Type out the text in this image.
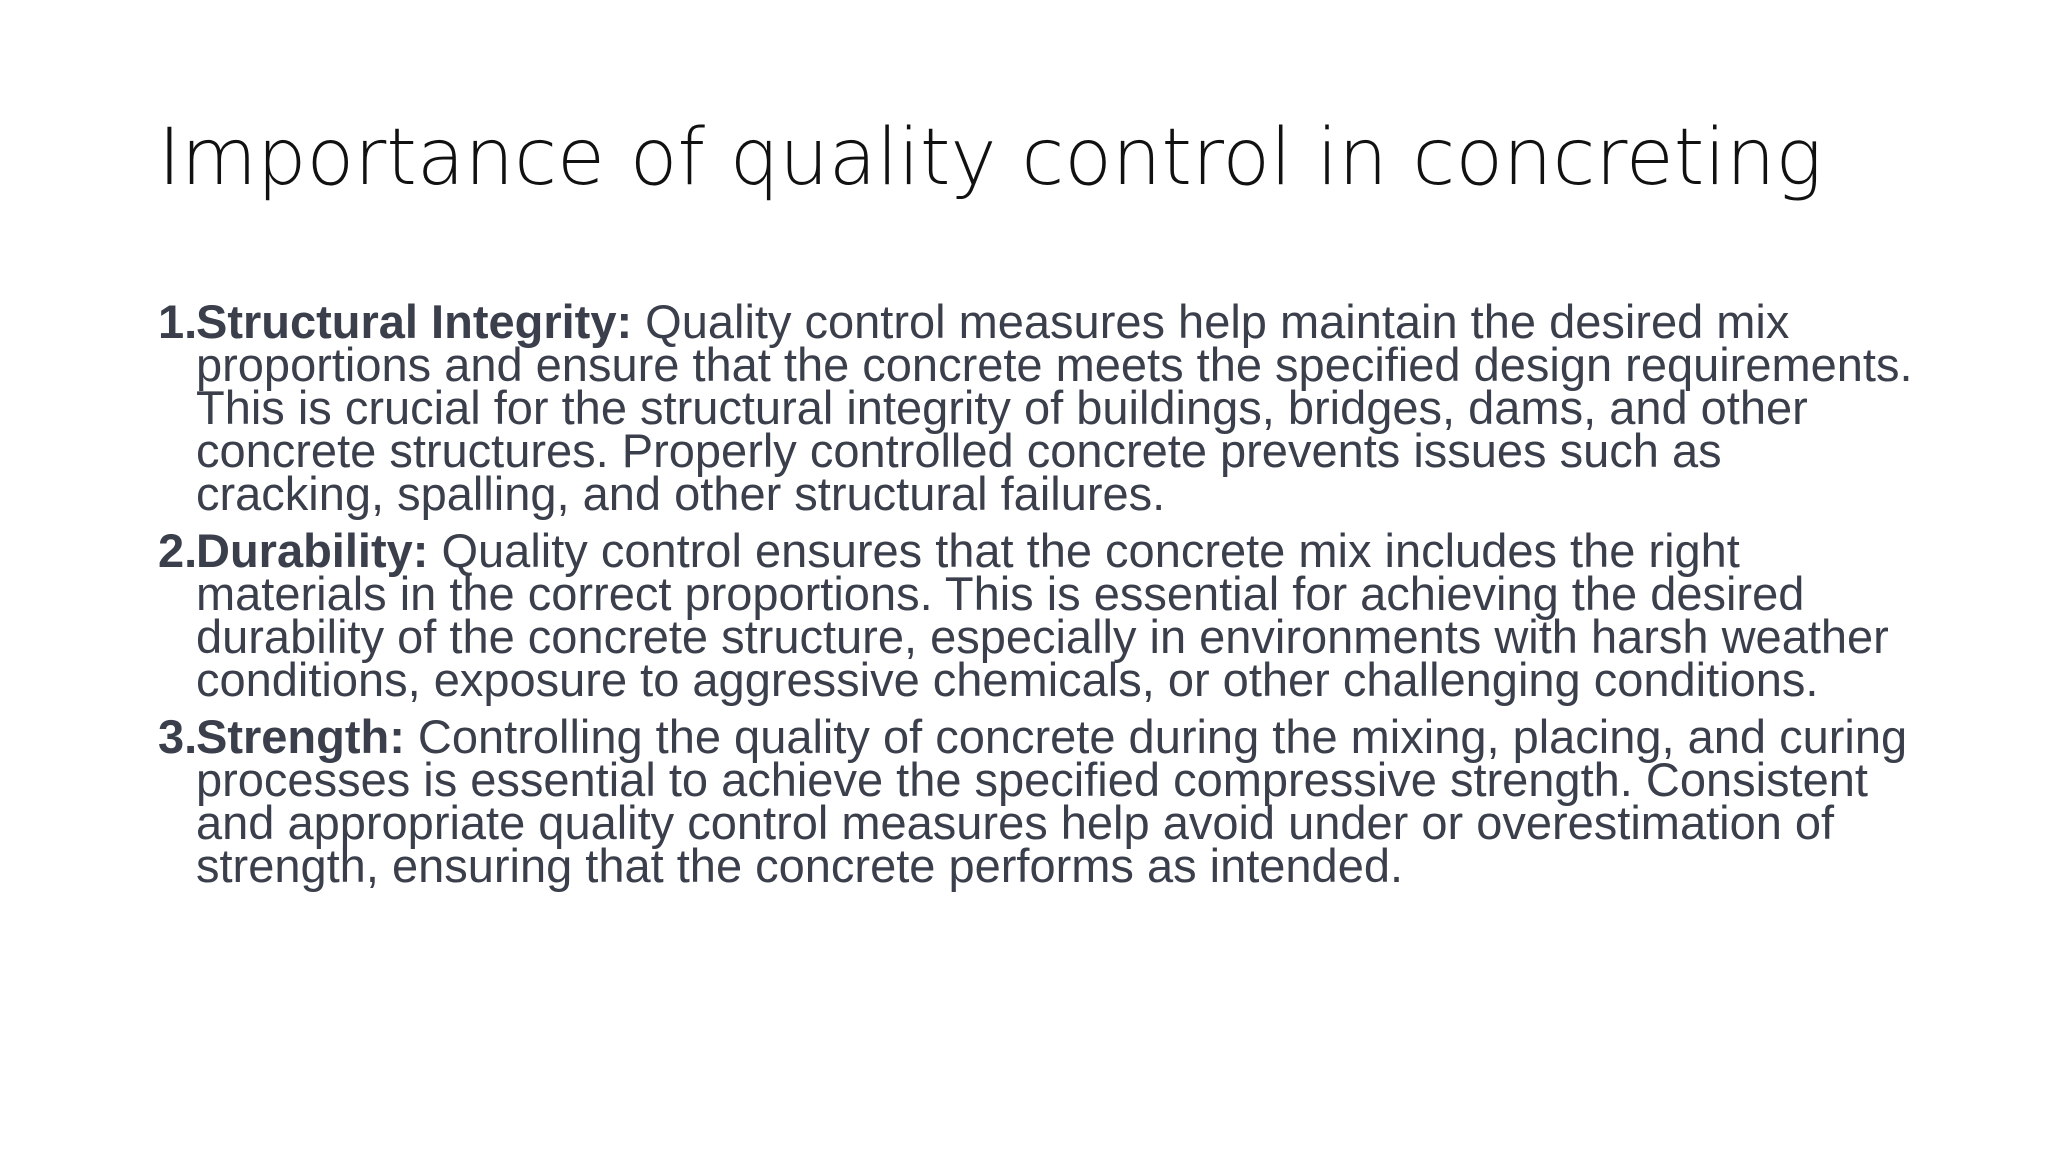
Importance of quality control in concreting
1.
Structural Integrity: Quality control measures help maintain the desired mix proportions and ensure that the concrete meets the specified design requirements. This is crucial for the structural integrity of buildings, bridges, dams, and other concrete structures. Properly controlled concrete prevents issues such as cracking, spalling, and other structural failures.
2.
Durability: Quality control ensures that the concrete mix includes the right materials in the correct proportions. This is essential for achieving the desired durability of the concrete structure, especially in environments with harsh weather conditions, exposure to aggressive chemicals, or other challenging conditions.
3.
Strength: Controlling the quality of concrete during the mixing, placing, and curing processes is essential to achieve the specified compressive strength. Consistent and appropriate quality control measures help avoid under or overestimation of strength, ensuring that the concrete performs as intended.
